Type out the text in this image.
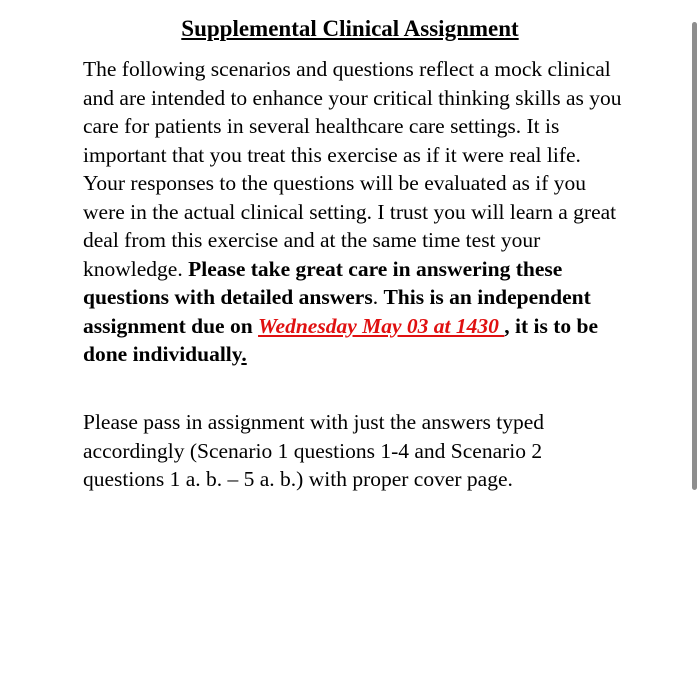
Supplemental Clinical Assignment

The following scenarios and questions reflect a mock clinical and are intended to enhance your critical thinking skills as you care for patients in several healthcare care settings. It is important that you treat this exercise as if it were real life. Your responses to the questions will be evaluated as if you were in the actual clinical setting. I trust you will learn a great deal from this exercise and at the same time test your knowledge. Please take great care in answering these questions with detailed answers. This is an independent assignment due on Wednesday May 03 at 1430 , it is to be done individually.

Please pass in assignment with just the answers typed accordingly (Scenario 1 questions 1-4 and Scenario 2 questions 1 a. b. – 5 a. b.) with proper cover page.
